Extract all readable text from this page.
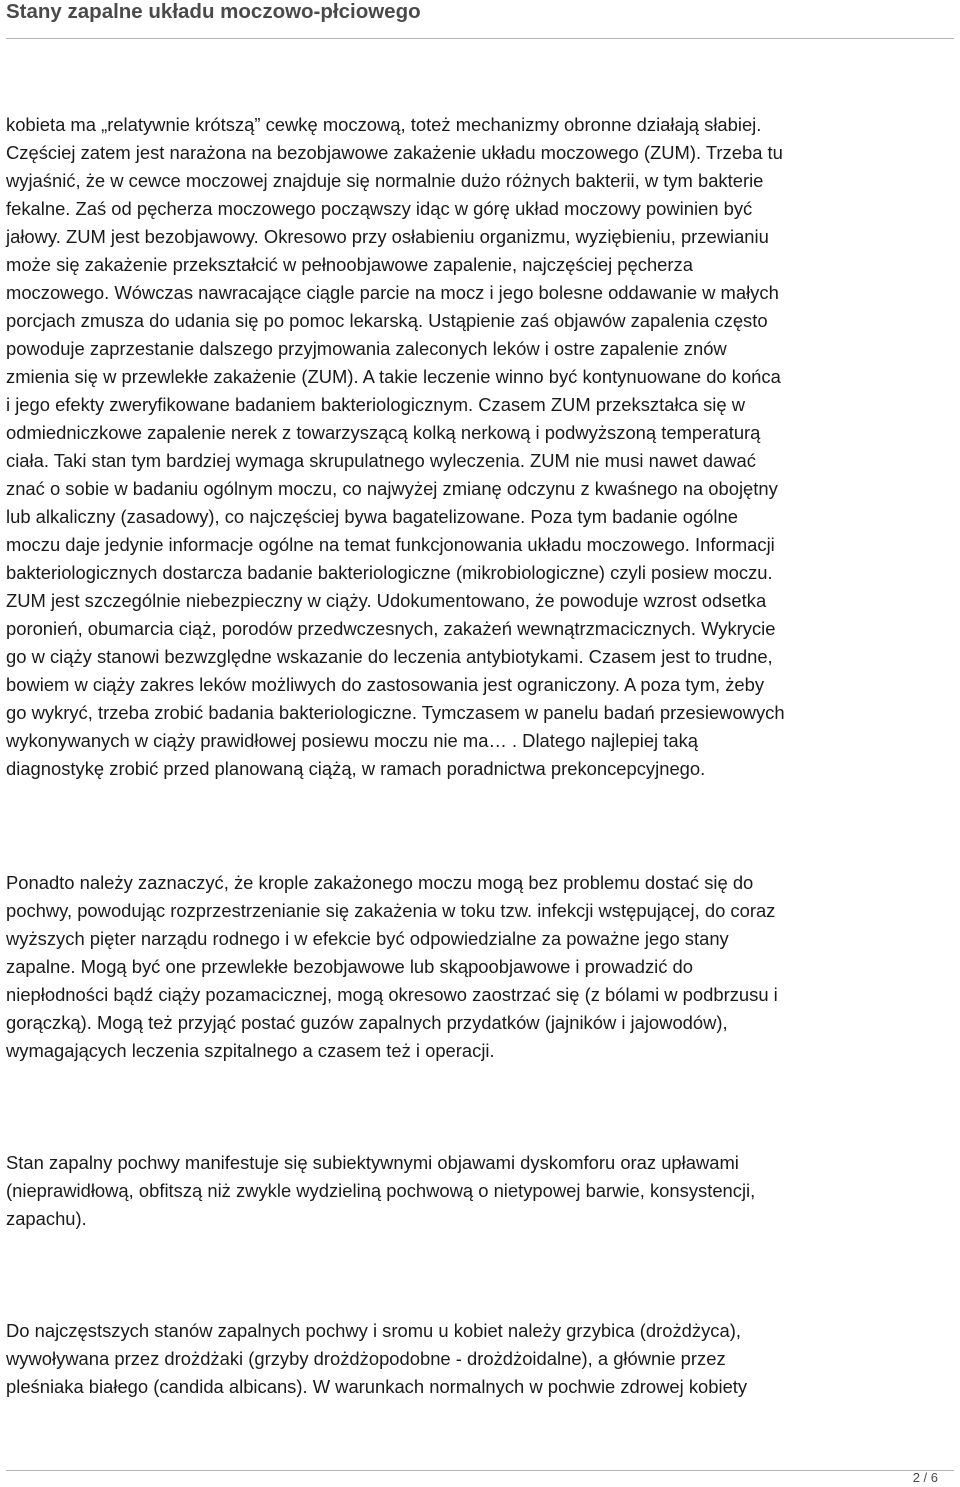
Stany zapalne układu moczowo-płciowego
kobieta ma „relatywnie krótszą” cewkę moczową, toteż mechanizmy obronne działają słabiej.
Częściej zatem jest narażona na bezobjawowe zakażenie układu moczowego (ZUM). Trzeba tu
wyjaśnić, że w cewce moczowej znajduje się normalnie dużo różnych bakterii, w tym bakterie
fekalne. Zaś od pęcherza moczowego począwszy idąc w górę układ moczowy powinien być
jałowy. ZUM jest bezobjawowy. Okresowo przy osłabieniu organizmu, wyziębieniu, przewianiu
może się zakażenie przekształcić w pełnoobjawowe zapalenie, najczęściej pęcherza
moczowego. Wówczas nawracające ciągle parcie na mocz i jego bolesne oddawanie w małych
porcjach zmusza do udania się po pomoc lekarską. Ustąpienie zaś objawów zapalenia często
powoduje zaprzestanie dalszego przyjmowania zaleconych leków i ostre zapalenie znów
zmienia się w przewlekłe zakażenie (ZUM). A takie leczenie winno być kontynuowane do końca
i jego efekty zweryfikowane badaniem bakteriologicznym. Czasem ZUM przekształca się w
odmiedniczkowe zapalenie nerek z towarzyszącą kolką nerkową i podwyższoną temperaturą
ciała. Taki stan tym bardziej wymaga skrupulatnego wyleczenia. ZUM nie musi nawet dawać
znać o sobie w badaniu ogólnym moczu, co najwyżej zmianę odczynu z kwaśnego na obojętny
lub alkaliczny (zasadowy), co najczęściej bywa bagatelizowane. Poza tym badanie ogólne
moczu daje jedynie informacje ogólne na temat funkcjonowania układu moczowego. Informacji
bakteriologicznych dostarcza badanie bakteriologiczne (mikrobiologiczne) czyli posiew moczu.
ZUM jest szczególnie niebezpieczny w ciąży. Udokumentowano, że powoduje wzrost odsetka
poronień, obumarcia ciąż, porodów przedwczesnych, zakażeń wewnątrzmacicznych. Wykrycie
go w ciąży stanowi bezwzględne wskazanie do leczenia antybiotykami. Czasem jest to trudne,
bowiem w ciąży zakres leków możliwych do zastosowania jest ograniczony. A poza tym, żeby
go wykryć, trzeba zrobić badania bakteriologiczne. Tymczasem w panelu badań przesiewowych
wykonywanych w ciąży prawidłowej posiewu moczu nie ma… . Dlatego najlepiej taką
diagnostykę zrobić przed planowaną ciążą, w ramach poradnictwa prekoncepcyjnego.
Ponadto należy zaznaczyć, że krople zakażonego moczu mogą bez problemu dostać się do
pochwy, powodując rozprzestrzenianie się zakażenia w toku tzw. infekcji wstępującej, do coraz
wyższych pięter narządu rodnego i w efekcie być odpowiedzialne za poważne jego stany
zapalne. Mogą być one przewlekłe bezobjawowe lub skąpoobjawowe i prowadzić do
niepłodności bądź ciąży pozamacicznej, mogą okresowo zaostrzać się (z bólami w podbrzusu i
gorączką). Mogą też przyjąć postać guzów zapalnych przydatków (jajników i jajowodów),
wymagających leczenia szpitalnego a czasem też i operacji.
Stan zapalny pochwy manifestuje się subiektywnymi objawami dyskomforu oraz upławami
(nieprawidłową, obfitszą niż zwykle wydzieliną pochwową o nietypowej barwie, konsystencji,
zapachu).
Do najczęstszych stanów zapalnych pochwy i sromu u kobiet należy grzybica (drożdżyca),
wywoływana przez drożdżaki (grzyby drożdżopodobne - drożdżoidalne), a głównie przez
pleśniaka białego (candida albicans). W warunkach normalnych w pochwie zdrowej kobiety
2 / 6
